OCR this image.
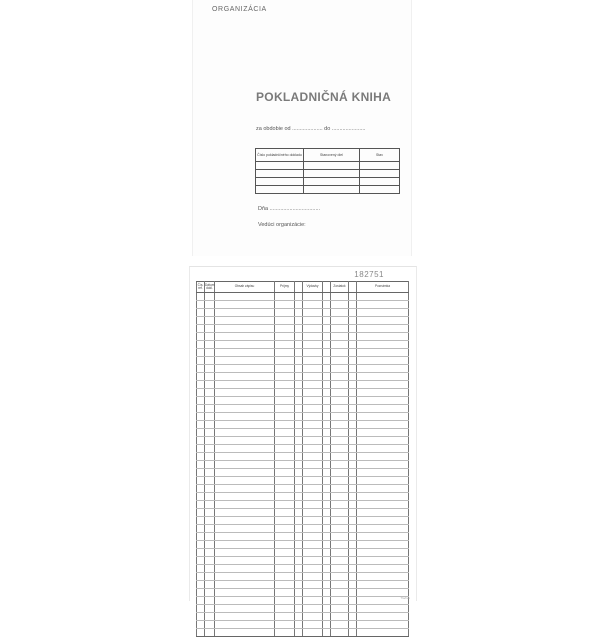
ORGANIZÁCIA
POKLADNIČNÁ KNIHA
za obdobie od .................... do ......................
Číslo pokladničného dokladu	Stanovený diel	Stav

Dňa .................................
Vedúci organizácie:
182751
Čís. ref.	Dátum dokl.	Obsah zápisu	Príjmy		Výdavky		Zostatok		Poznámka

Tlačivo
